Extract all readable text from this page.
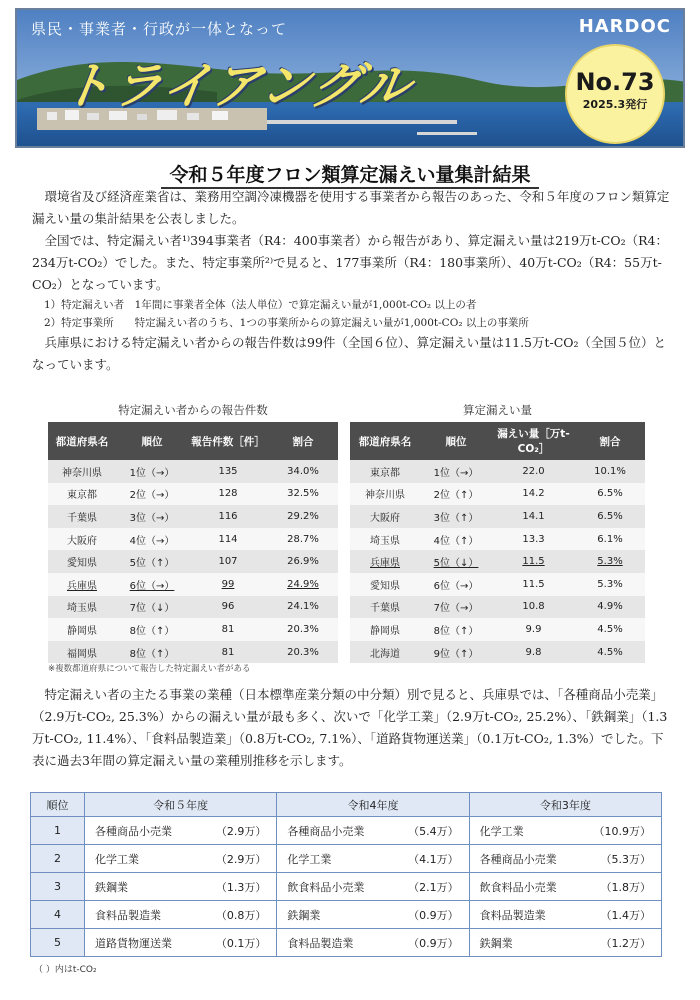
県民・事業者・行政が一体となって	HARDOC
トライアングル	No.73
2025.3発行
令和５年度フロン類算定漏えい量集計結果

環境省及び経済産業省は、業務用空調冷凍機器を使用する事業者から報告のあった、令和５年度のフロン類算定漏えい量の集計結果を公表しました。

全国では、特定漏えい者¹⁾394事業者（R4：400事業者）から報告があり、算定漏えい量は219万t-CO₂（R4：234万t-CO₂）でした。また、特定事業所²⁾で見ると、177事業所（R4：180事業所）、40万t-CO₂（R4：55万t-CO₂）となっています。

1）特定漏えい者　1年間に事業者全体（法人単位）で算定漏えい量が1,000t-CO₂ 以上の者
2）特定事業所　　特定漏えい者のうち、1つの事業所からの算定漏えい量が1,000t-CO₂ 以上の事業所

兵庫県における特定漏えい者からの報告件数は99件（全国６位）、算定漏えい量は11.5万t-CO₂（全国５位）となっています。

特定漏えい者からの報告件数	算定漏えい量
都道府県名	順位	報告件数［件］	割合
神奈川県	1位（→）	135	34.0%
東京都	2位（→）	128	32.5%
千葉県	3位（→）	116	29.2%
大阪府	4位（→）	114	28.7%
愛知県	5位（↑）	107	26.9%
兵庫県	6位（→）	99	24.9%
埼玉県	7位（↓）	96	24.1%
静岡県	8位（↑）	81	20.3%
福岡県	8位（↑）	81	20.3%
都道府県名	順位	漏えい量［万t-CO₂］	割合
東京都	1位（→）	22.0	10.1%
神奈川県	2位（↑）	14.2	6.5%
大阪府	3位（↑）	14.1	6.5%
埼玉県	4位（↑）	13.3	6.1%
兵庫県	5位（↓）	11.5	5.3%
愛知県	6位（→）	11.5	5.3%
千葉県	7位（→）	10.8	4.9%
静岡県	8位（↑）	9.9	4.5%
北海道	9位（↑）	9.8	4.5%
※複数都道府県について報告した特定漏えい者がある

特定漏えい者の主たる事業の業種（日本標準産業分類の中分類）別で見ると、兵庫県では、「各種商品小売業」（2.9万t-CO₂, 25.3%）からの漏えい量が最も多く、次いで「化学工業」（2.9万t-CO₂, 25.2%）、「鉄鋼業」（1.3万t-CO₂, 11.4%）、「食料品製造業」（0.8万t-CO₂, 7.1%）、「道路貨物運送業」（0.1万t-CO₂, 1.3%）でした。下表に過去3年間の算定漏えい量の業種別推移を示します。

順位	令和５年度	令和4年度	令和3年度
1	各種商品小売業 （2.9万）	各種商品小売業 （5.4万）	化学工業 （10.9万）

2	化学工業 （2.9万）	化学工業 （4.1万）	各種商品小売業 （5.3万）

3	鉄鋼業 （1.3万）	飲食料品小売業 （2.1万）	飲食料品小売業 （1.8万）

4	食料品製造業 （0.8万）	鉄鋼業 （0.9万）	食料品製造業 （1.4万）

5	道路貨物運送業 （0.1万）	食料品製造業 （0.9万）	鉄鋼業 （1.2万）
（ ）内はt-CO₂
